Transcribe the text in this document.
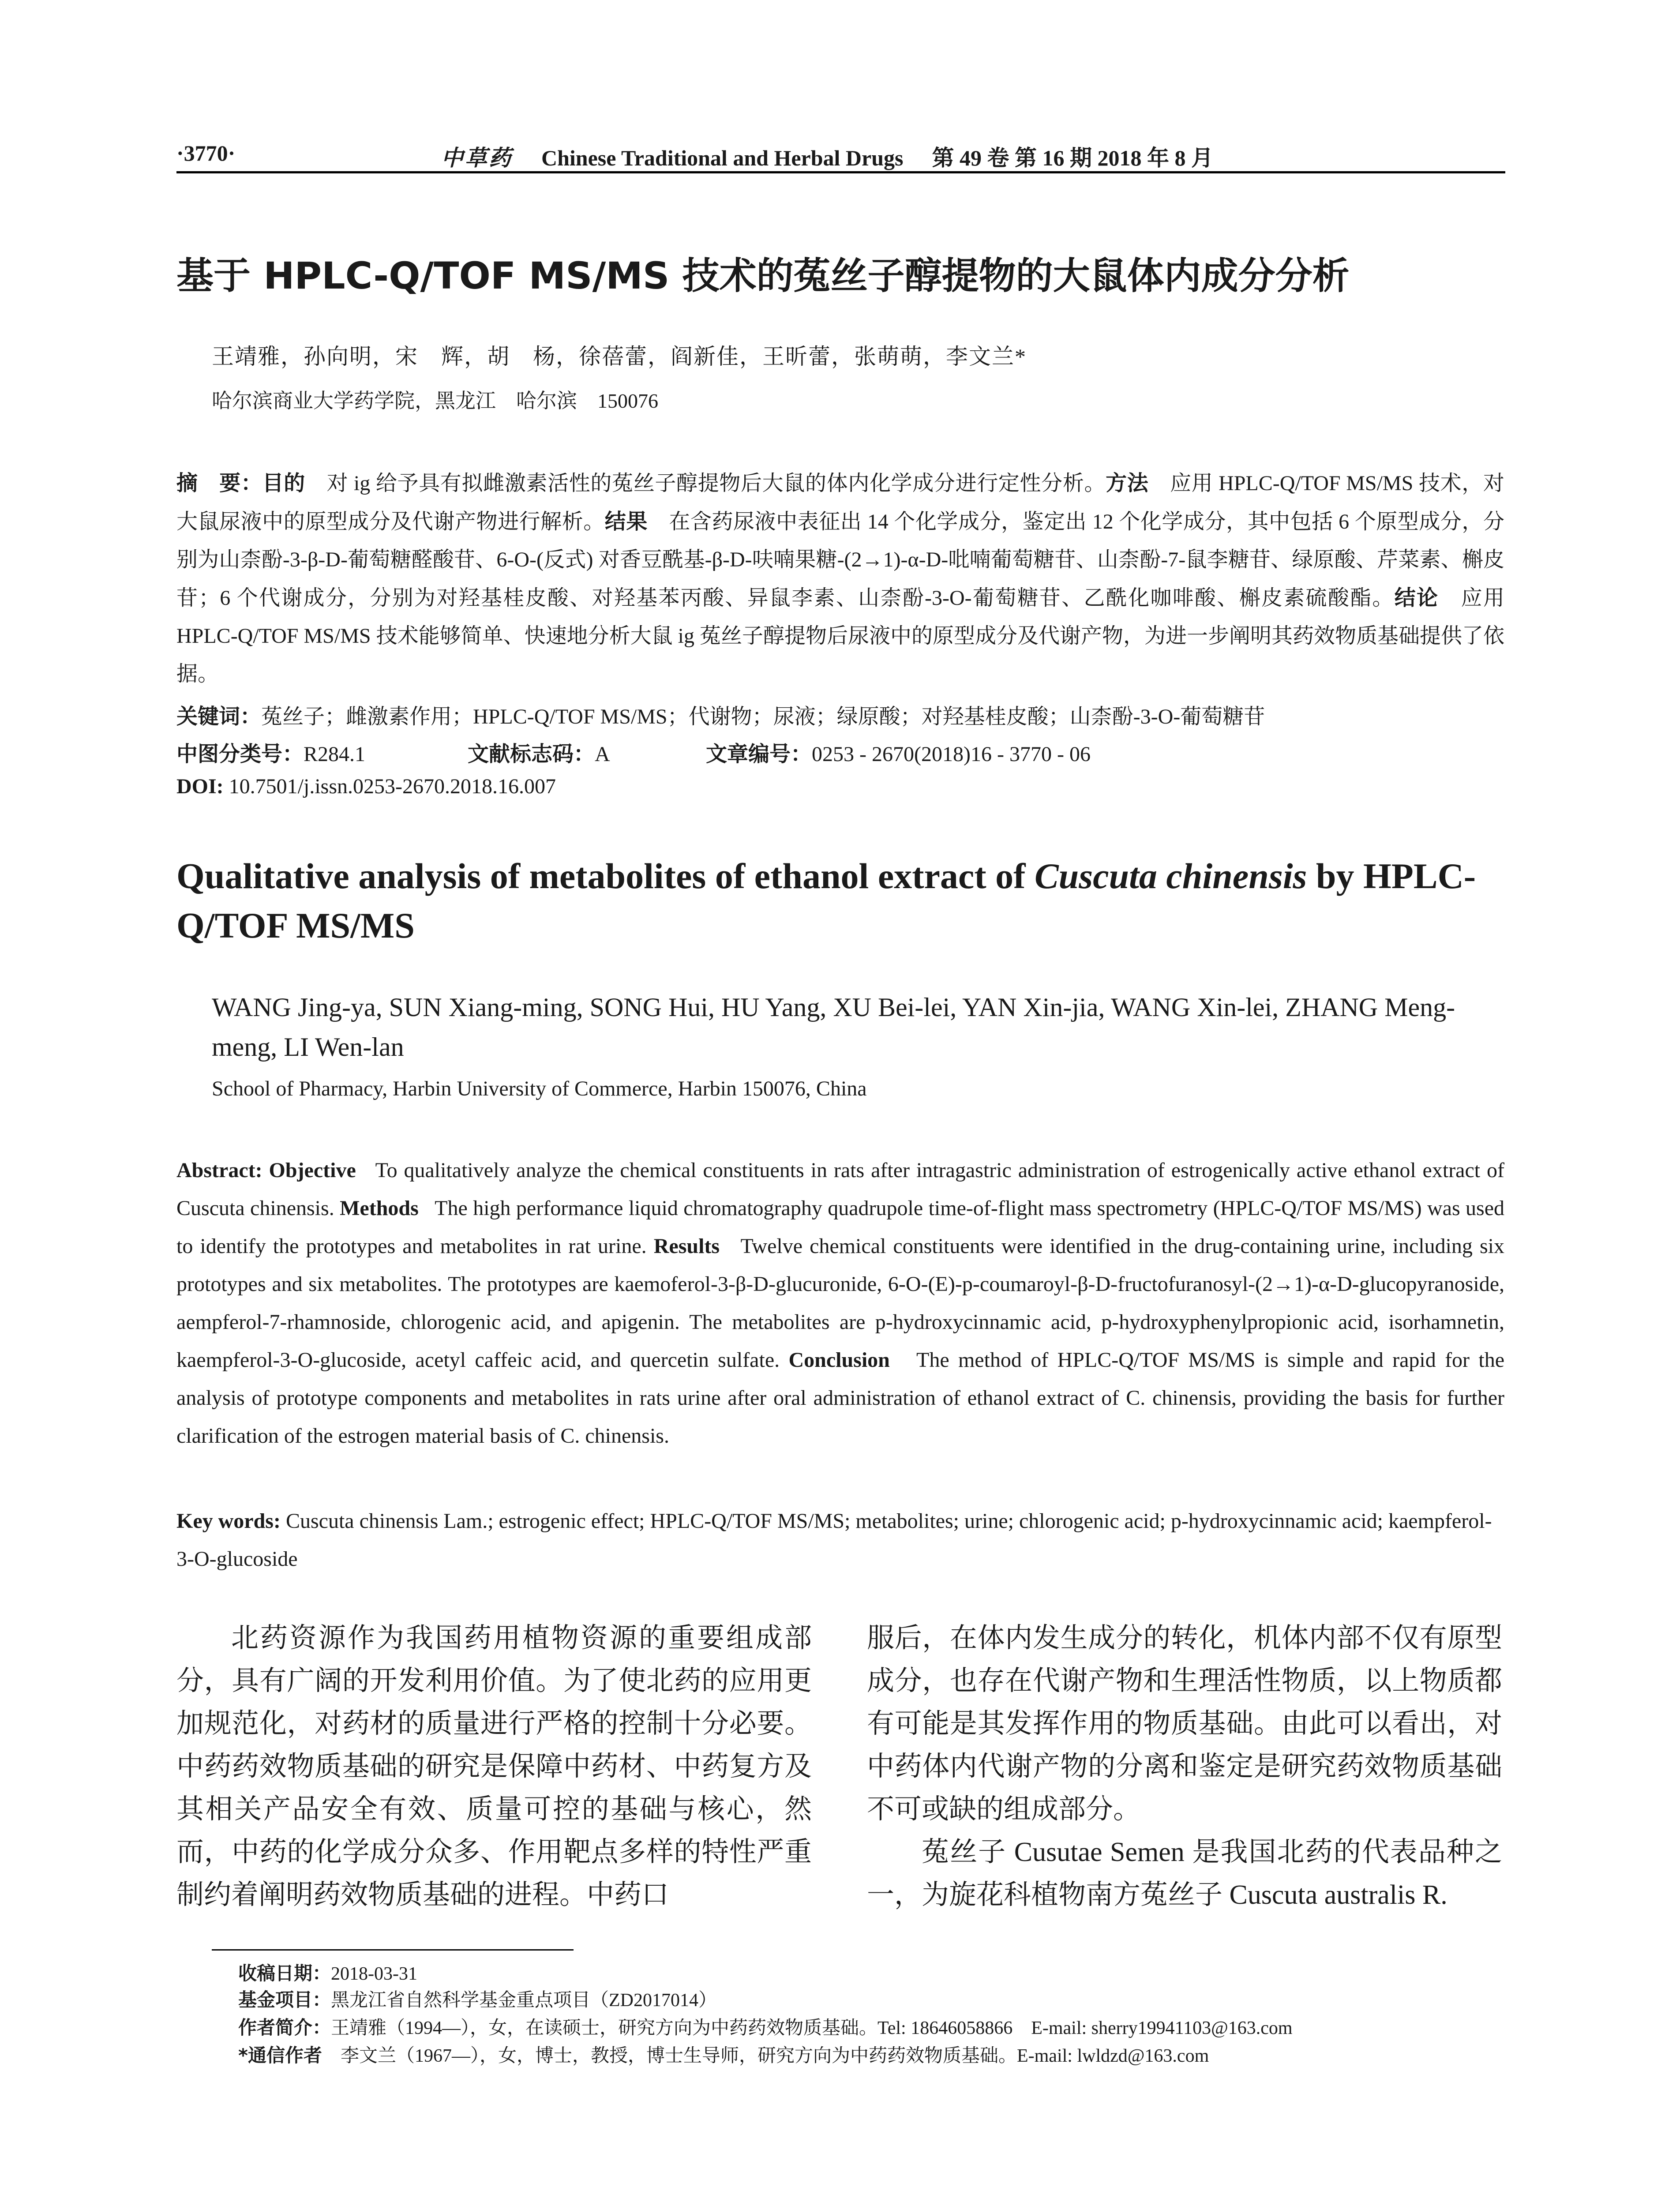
·3770·	中草药 Chinese Traditional and Herbal Drugs 第 49 卷 第 16 期 2018 年 8 月
基于 HPLC-Q/TOF MS/MS 技术的菟丝子醇提物的大鼠体内成分分析
王靖雅，孙向明，宋　辉，胡　杨，徐蓓蕾，阎新佳，王昕蕾，张萌萌，李文兰*
哈尔滨商业大学药学院，黑龙江　哈尔滨　150076
摘　要：目的　 对 ig 给予具有拟雌激素活性的菟丝子醇提物后大鼠的体内化学成分进行定性分析。方法　 应用 HPLC-Q/TOF MS/MS 技术，对大鼠尿液中的原型成分及代谢产物进行解析。结果　 在含药尿液中表征出 14 个化学成分，鉴定出 12 个化学成分，其中包括 6 个原型成分，分别为山柰酚-3-β-D-葡萄糖醛酸苷、6-O-(反式) 对香豆酰基-β-D-呋喃果糖-(2→1)-α-D-吡喃葡萄糖苷、山柰酚-7-鼠李糖苷、绿原酸、芹菜素、槲皮苷；6 个代谢成分，分别为对羟基桂皮酸、对羟基苯丙酸、异鼠李素、山柰酚-3-O-葡萄糖苷、乙酰化咖啡酸、槲皮素硫酸酯。结论　 应用 HPLC-Q/TOF MS/MS 技术能够简单、快速地分析大鼠 ig 菟丝子醇提物后尿液中的原型成分及代谢产物，为进一步阐明其药效物质基础提供了依据。
关键词：菟丝子；雌激素作用；HPLC-Q/TOF MS/MS；代谢物；尿液；绿原酸；对羟基桂皮酸；山柰酚-3-O-葡萄糖苷
中图分类号：R284.1	文献标志码：A	文章编号：0253 - 2670(2018)16 - 3770 - 06
DOI: 10.7501/j.issn.0253-2670.2018.16.007
Qualitative analysis of metabolites of ethanol extract of Cuscuta chinensis by HPLC-Q/TOF MS/MS
WANG Jing-ya, SUN Xiang-ming, SONG Hui, HU Yang, XU Bei-lei, YAN Xin-jia, WANG Xin-lei, ZHANG Meng-meng, LI Wen-lan
School of Pharmacy, Harbin University of Commerce, Harbin 150076, China
Abstract: Objective To qualitatively analyze the chemical constituents in rats after intragastric administration of estrogenically active ethanol extract of Cuscuta chinensis. Methods The high performance liquid chromatography quadrupole time-of-flight mass spectrometry (HPLC-Q/TOF MS/MS) was used to identify the prototypes and metabolites in rat urine. Results Twelve chemical constituents were identified in the drug-containing urine, including six prototypes and six metabolites. The prototypes are kaemoferol-3-β-D-glucuronide, 6-O-(E)-p-coumaroyl-β-D-fructofuranosyl-(2→1)-α-D-glucopyranoside, aempferol-7-rhamnoside, chlorogenic acid, and apigenin. The metabolites are p-hydroxycinnamic acid, p-hydroxyphenylpropionic acid, isorhamnetin, kaempferol-3-O-glucoside, acetyl caffeic acid, and quercetin sulfate. Conclusion The method of HPLC-Q/TOF MS/MS is simple and rapid for the analysis of prototype components and metabolites in rats urine after oral administration of ethanol extract of C. chinensis, providing the basis for further clarification of the estrogen material basis of C. chinensis.
Key words: Cuscuta chinensis Lam.; estrogenic effect; HPLC-Q/TOF MS/MS; metabolites; urine; chlorogenic acid; p-hydroxycinnamic acid; kaempferol-3-O-glucoside

北药资源作为我国药用植物资源的重要组成部分，具有广阔的开发利用价值。为了使北药的应用更加规范化，对药材的质量进行严格的控制十分必要。中药药效物质基础的研究是保障中药材、中药复方及其相关产品安全有效、质量可控的基础与核心，然而，中药的化学成分众多、作用靶点多样的特性严重制约着阐明药效物质基础的进程。中药口

服后，在体内发生成分的转化，机体内部不仅有原型成分，也存在代谢产物和生理活性物质，以上物质都有可能是其发挥作用的物质基础。由此可以看出，对中药体内代谢产物的分离和鉴定是研究药效物质基础不可或缺的组成部分。

菟丝子 Cusutae Semen 是我国北药的代表品种之一，为旋花科植物南方菟丝子 Cuscuta australis R.

收稿日期：2018-03-31
基金项目：黑龙江省自然科学基金重点项目（ZD2017014）
作者简介：王靖雅（1994—），女，在读硕士，研究方向为中药药效物质基础。Tel: 18646058866　E-mail: sherry19941103@163.com
*通信作者　 李文兰（1967—），女，博士，教授，博士生导师，研究方向为中药药效物质基础。E-mail: lwldzd@163.com
